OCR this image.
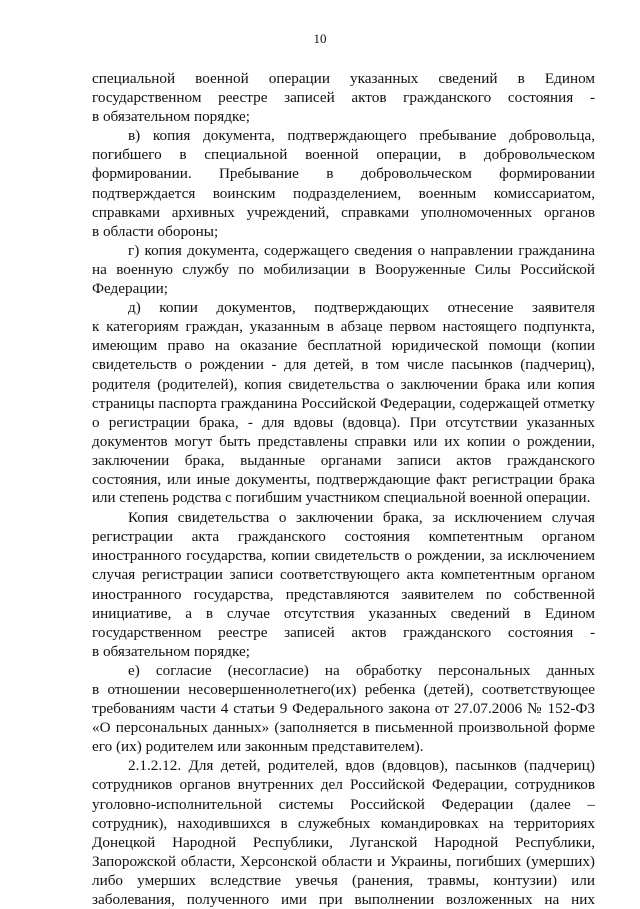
10
специальной военной операции указанных сведений в Едином
государственном реестре записей актов гражданского состояния -
в обязательном порядке;
в) копия документа, подтверждающего пребывание добровольца,
погибшего в специальной военной операции, в добровольческом
формировании. Пребывание в добровольческом формировании
подтверждается воинским подразделением, военным комиссариатом,
справками архивных учреждений, справками уполномоченных органов
в области обороны;
г) копия документа, содержащего сведения о направлении гражданина
на военную службу по мобилизации в Вооруженные Силы Российской
Федерации;
д) копии документов, подтверждающих отнесение заявителя
к категориям граждан, указанным в абзаце первом настоящего подпункта,
имеющим право на оказание бесплатной юридической помощи (копии
свидетельств о рождении - для детей, в том числе пасынков (падчериц),
родителя (родителей), копия свидетельства о заключении брака или копия
страницы паспорта гражданина Российской Федерации, содержащей отметку
о регистрации брака, - для вдовы (вдовца). При отсутствии указанных
документов могут быть представлены справки или их копии о рождении,
заключении брака, выданные органами записи актов гражданского
состояния, или иные документы, подтверждающие факт регистрации брака
или степень родства с погибшим участником специальной военной операции.
Копия свидетельства о заключении брака, за исключением случая
регистрации акта гражданского состояния компетентным органом
иностранного государства, копии свидетельств о рождении, за исключением
случая регистрации записи соответствующего акта компетентным органом
иностранного государства, представляются заявителем по собственной
инициативе, а в случае отсутствия указанных сведений в Едином
государственном реестре записей актов гражданского состояния -
в обязательном порядке;
е) согласие (несогласие) на обработку персональных данных
в отношении несовершеннолетнего(их) ребенка (детей), соответствующее
требованиям части 4 статьи 9 Федерального закона от 27.07.2006 № 152-ФЗ
«О персональных данных» (заполняется в письменной произвольной форме
его (их) родителем или законным представителем).
2.1.2.12. Для детей, родителей, вдов (вдовцов), пасынков (падчериц)
сотрудников органов внутренних дел Российской Федерации, сотрудников
уголовно-исполнительной системы Российской Федерации (далее –
сотрудник), находившихся в служебных командировках на территориях
Донецкой Народной Республики, Луганской Народной Республики,
Запорожской области, Херсонской области и Украины, погибших (умерших)
либо умерших вследствие увечья (ранения, травмы, контузии) или
заболевания, полученного ими при выполнении возложенных на них
